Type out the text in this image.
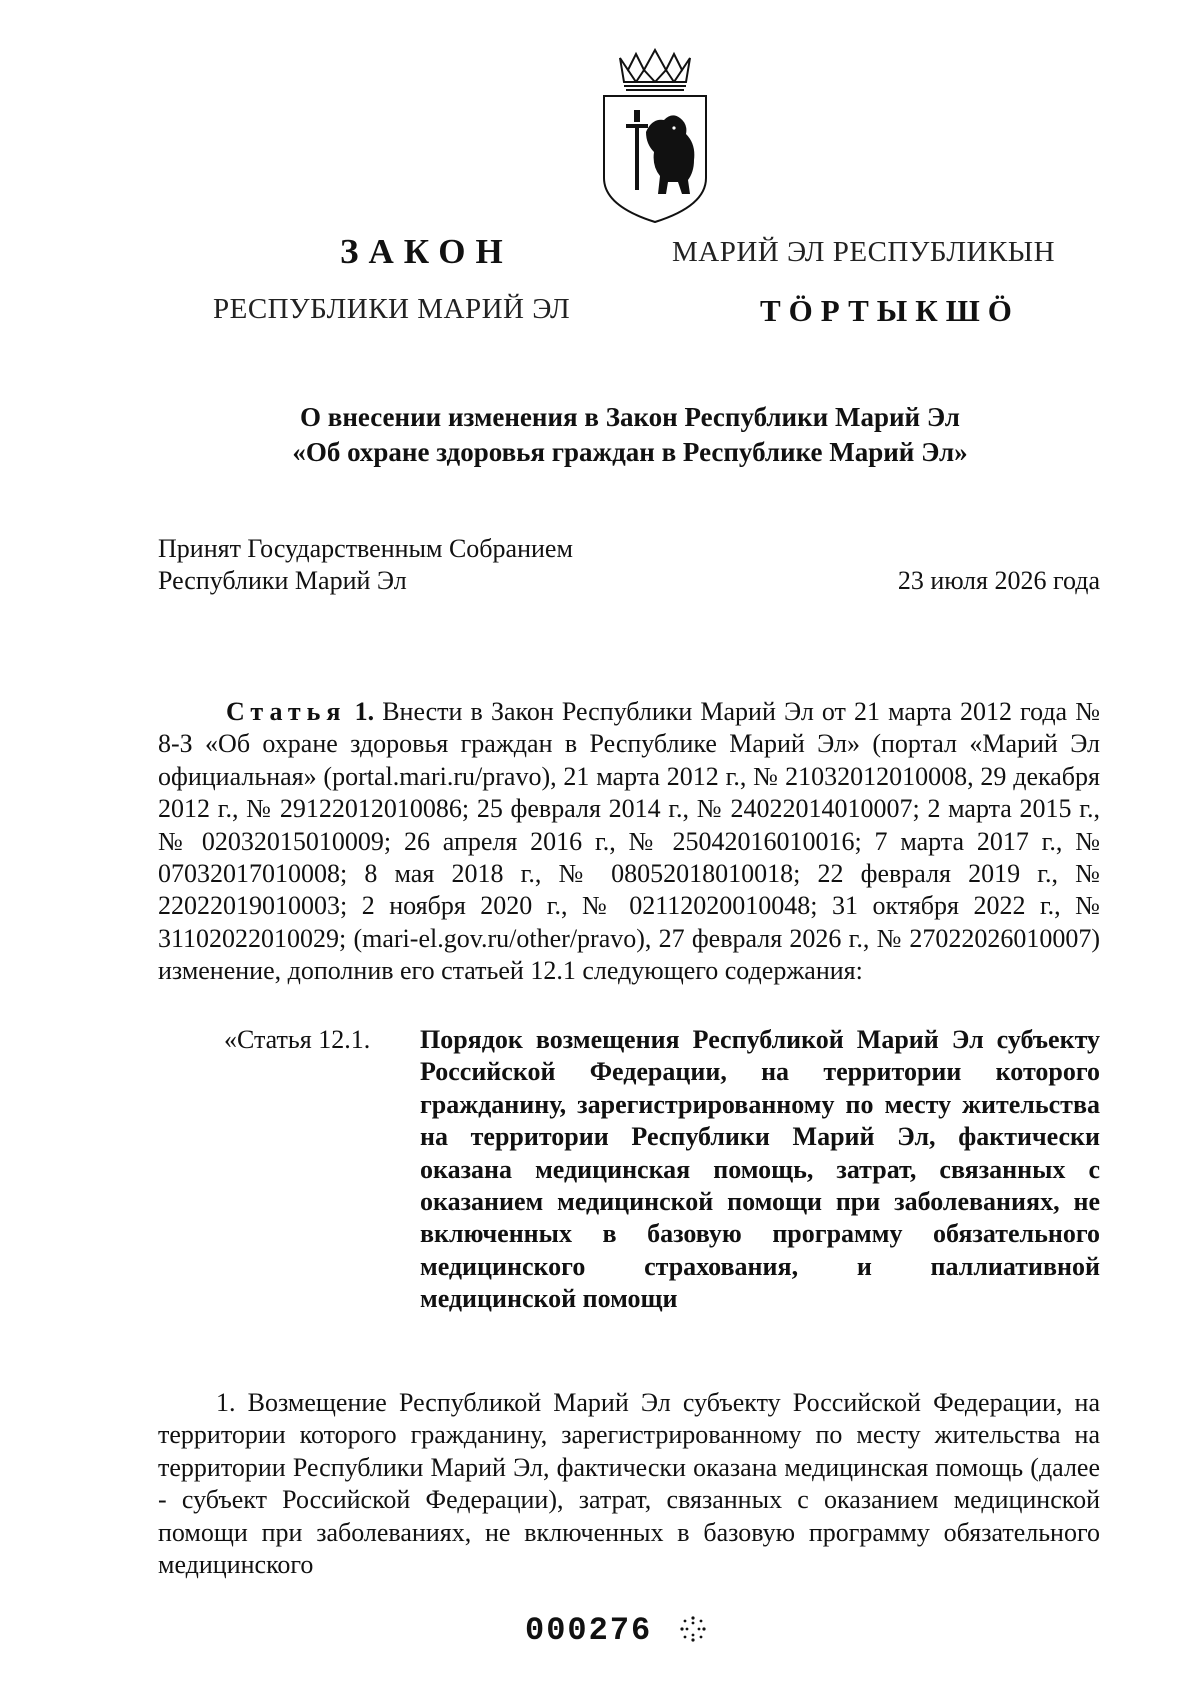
ЗАКОН
РЕСПУБЛИКИ МАРИЙ ЭЛ
МАРИЙ ЭЛ РЕСПУБЛИКЫН
ТӦРТЫКШӦ
О внесении изменения в Закон Республики Марий Эл
«Об охране здоровья граждан в Республике Марий Эл»
Принят Государственным Собранием
Республики Марий Эл	23 июля 2026 года
Статья 1. Внести в Закон Республики Марий Эл от 21 марта 2012 года № 8-З «Об охране здоровья граждан в Республике Марий Эл» (портал «Марий Эл официальная» (portal.mari.ru/pravo), 21 марта 2012 г., № 21032012010008, 29 декабря 2012 г., № 29122012010086; 25 февраля 2014 г., № 24022014010007; 2 марта 2015 г., № 02032015010009; 26 апреля 2016 г., № 25042016010016; 7 марта 2017 г., № 07032017010008; 8 мая 2018 г., № 08052018010018; 22 февраля 2019 г., № 22022019010003; 2 ноября 2020 г., № 02112020010048; 31 октября 2022 г., № 31102022010029; (mari-el.gov.ru/other/pravo), 27 февраля 2026 г., № 27022026010007) изменение, дополнив его статьей 12.1 следующего содержания:
«Статья 12.1. Порядок возмещения Республикой Марий Эл субъекту Российской Федерации, на территории которого гражданину, зарегистрированному по месту жительства на территории Республики Марий Эл, фактически оказана медицинская помощь, затрат, связанных с оказанием медицинской помощи при заболеваниях, не включенных в базовую программу обязательного медицинского страхования, и паллиативной медицинской помощи
1. Возмещение Республикой Марий Эл субъекту Российской Федерации, на территории которого гражданину, зарегистрированному по месту жительства на территории Республики Марий Эл, фактически оказана медицинская помощь (далее - субъект Российской Федерации), затрат, связанных с оказанием медицинской помощи при заболеваниях, не включенных в базовую программу обязательного медицинского
000276
